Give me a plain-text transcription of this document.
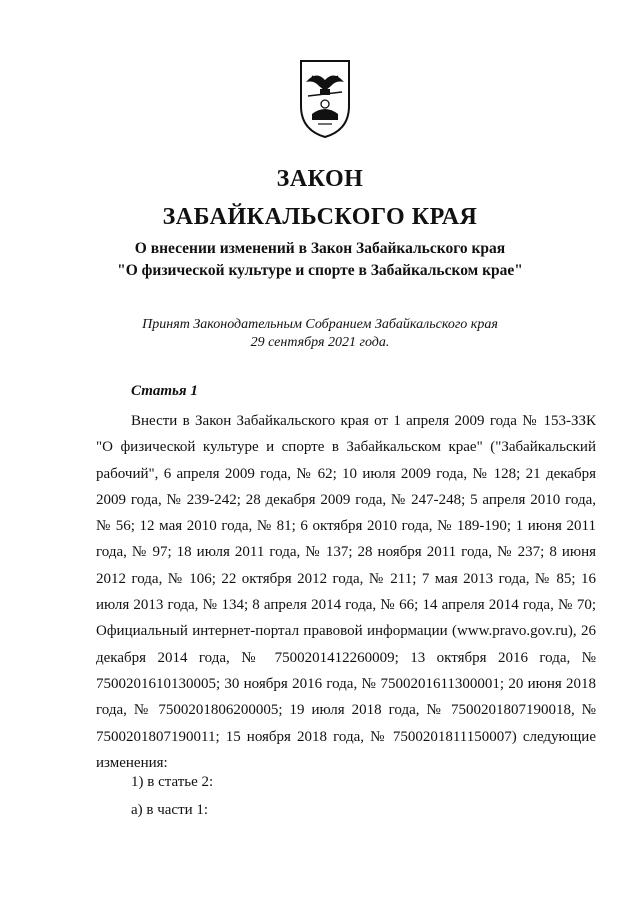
ЗАКОН
ЗАБАЙКАЛЬСКОГО КРАЯ
О внесении изменений в Закон Забайкальского края
"О физической культуре и спорте в Забайкальском крае"
Принят Законодательным Собранием Забайкальского края
29 сентября 2021 года.
Статья 1

Внести в Закон Забайкальского края от 1 апреля 2009 года № 153-ЗЗК "О физической культуре и спорте в Забайкальском крае" ("Забайкальский рабочий", 6 апреля 2009 года, № 62; 10 июля 2009 года, № 128; 21 декабря 2009 года, № 239-242; 28 декабря 2009 года, № 247-248; 5 апреля 2010 года, № 56; 12 мая 2010 года, № 81; 6 октября 2010 года, № 189-190; 1 июня 2011 года, № 97; 18 июля 2011 года, № 137; 28 ноября 2011 года, № 237; 8 июня 2012 года, № 106; 22 октября 2012 года, № 211; 7 мая 2013 года, № 85; 16 июля 2013 года, № 134; 8 апреля 2014 года, № 66; 14 апреля 2014 года, № 70; Официальный интернет-портал правовой информации (www.pravo.gov.ru), 26 декабря 2014 года, № 7500201412260009; 13 октября 2016 года, № 7500201610130005; 30 ноября 2016 года, № 7500201611300001; 20 июня 2018 года, № 7500201806200005; 19 июля 2018 года, № 7500201807190018, № 7500201807190011; 15 ноября 2018 года, № 7500201811150007) следующие изменения:

1) в статье 2:
а) в части 1:
